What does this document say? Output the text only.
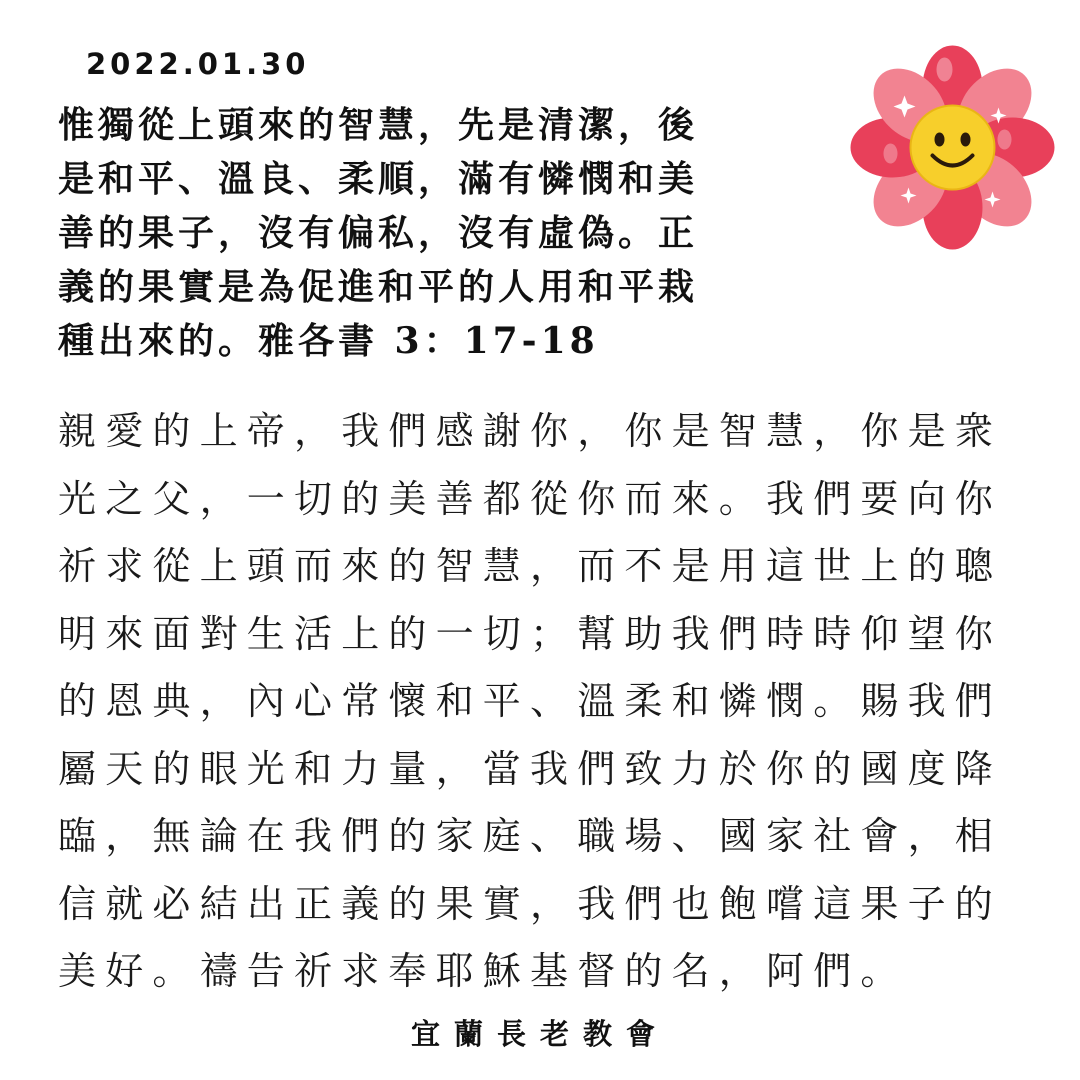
2022.01.30
惟獨從上頭來的智慧，先是清潔，後
是和平、溫良、柔順，滿有憐憫和美
善的果子，沒有偏私，沒有虛偽。正
義的果實是為促進和平的人用和平栽
種出來的。雅各書 3：17-18
親愛的上帝，我們感謝你，你是智慧，你是衆
光之父，一切的美善都從你而來。我們要向你
祈求從上頭而來的智慧，而不是用這世上的聰
明來面對生活上的一切；幫助我們時時仰望你
的恩典，內心常懷和平、溫柔和憐憫。賜我們
屬天的眼光和力量，當我們致力於你的國度降
臨，無論在我們的家庭、職場、國家社會，相
信就必結出正義的果實，我們也飽嚐這果子的
美好。禱告祈求奉耶穌基督的名，阿們。
宜蘭長老教會
